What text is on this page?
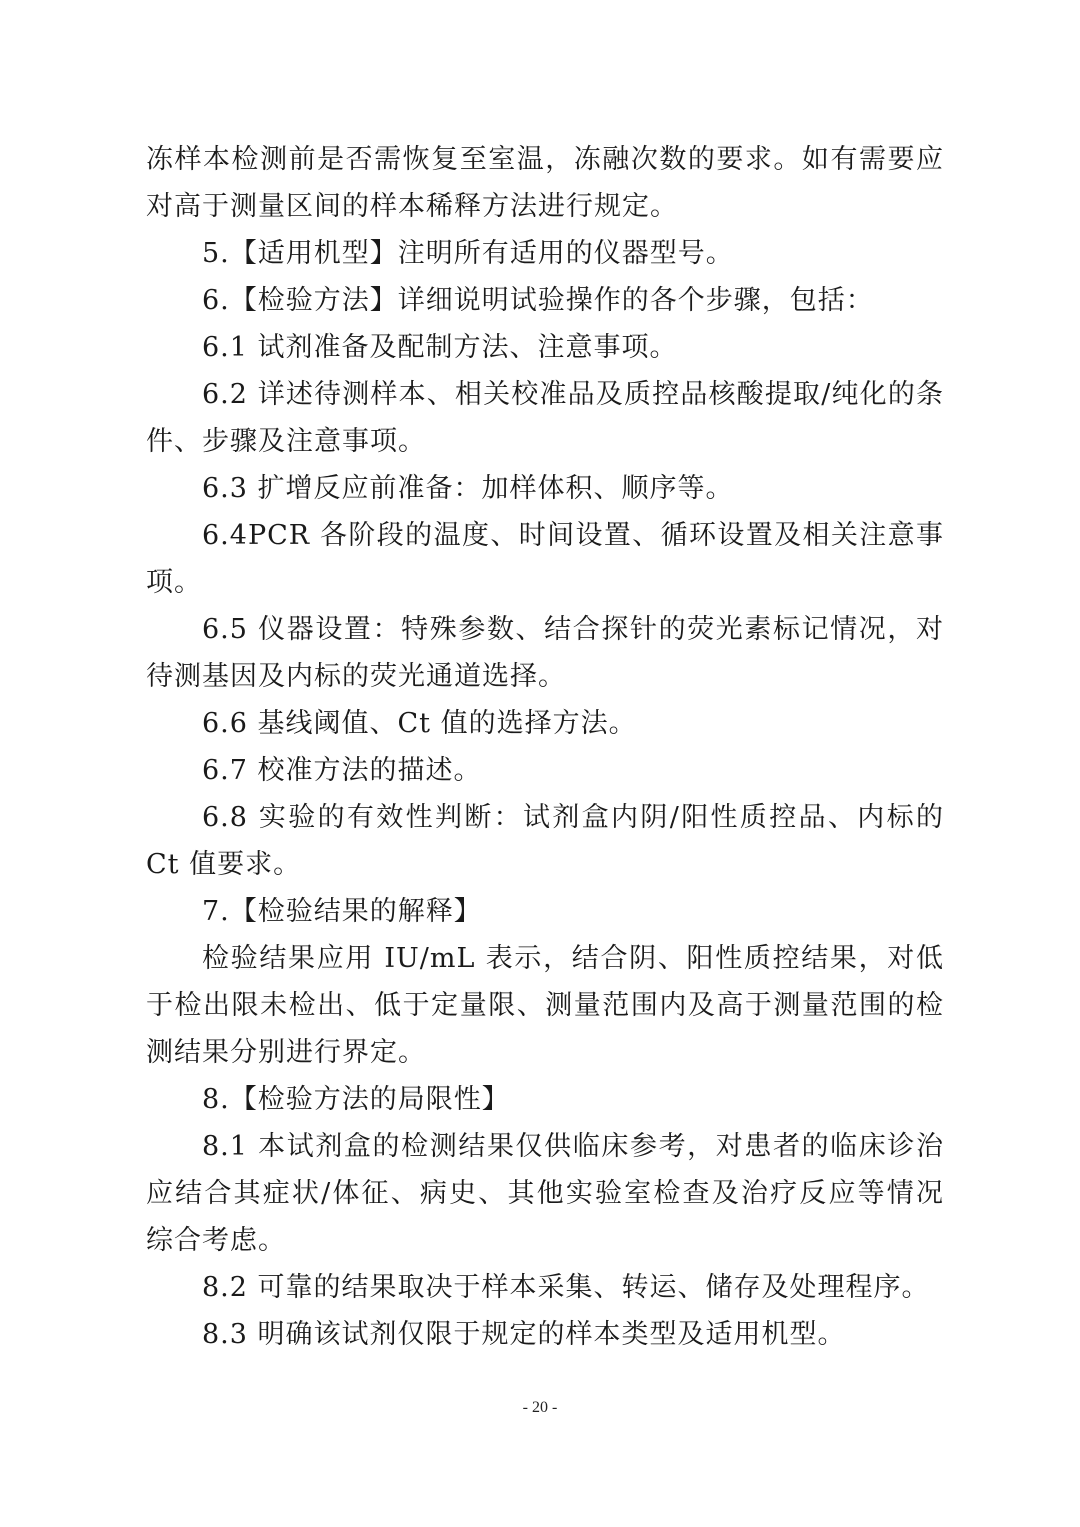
冻样本检测前是否需恢复至室温，冻融次数的要求。如有需要应
对高于测量区间的样本稀释方法进行规定。
5.【适用机型】注明所有适用的仪器型号。
6.【检验方法】详细说明试验操作的各个步骤，包括：
6.1 试剂准备及配制方法、注意事项。
6.2 详述待测样本、相关校准品及质控品核酸提取/纯化的条
件、步骤及注意事项。
6.3 扩增反应前准备：加样体积、顺序等。
6.4PCR 各阶段的温度、时间设置、循环设置及相关注意事
项。
6.5 仪器设置：特殊参数、结合探针的荧光素标记情况，对
待测基因及内标的荧光通道选择。
6.6 基线阈值、Ct 值的选择方法。
6.7 校准方法的描述。
6.8 实验的有效性判断：试剂盒内阴/阳性质控品、内标的
Ct 值要求。
7.【检验结果的解释】
检验结果应用 IU/mL 表示，结合阴、阳性质控结果，对低
于检出限未检出、低于定量限、测量范围内及高于测量范围的检
测结果分别进行界定。
8.【检验方法的局限性】
8.1 本试剂盒的检测结果仅供临床参考，对患者的临床诊治
应结合其症状/体征、病史、其他实验室检查及治疗反应等情况
综合考虑。
8.2 可靠的结果取决于样本采集、转运、储存及处理程序。
8.3 明确该试剂仅限于规定的样本类型及适用机型。
- 20 -
